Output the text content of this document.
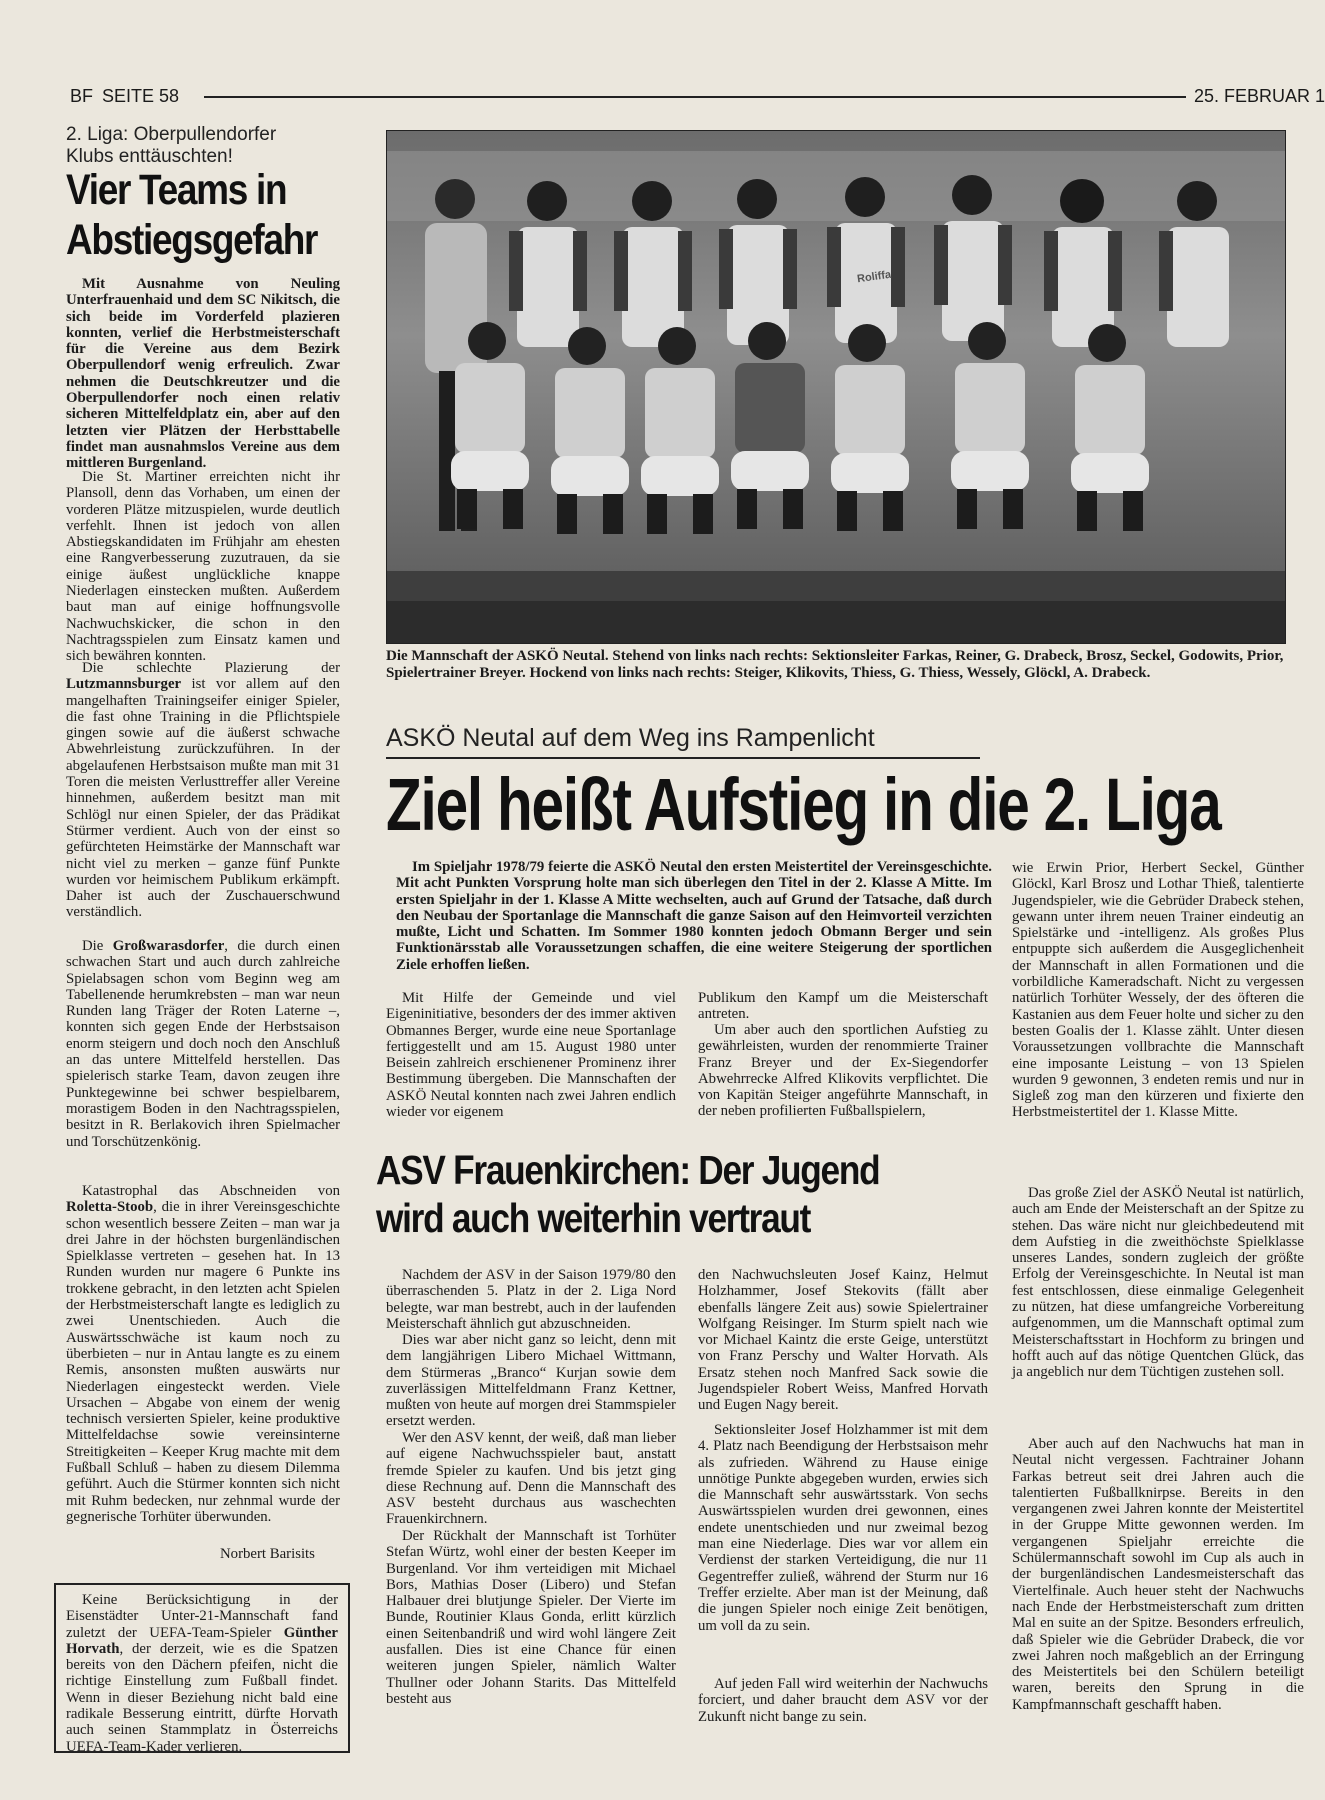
BF SEITE 58	25. FEBRUAR 1
2. Liga: Oberpullendorfer
Klubs enttäuschten!
Vier Teams in
Abstiegsgefahr

Mit Ausnahme von Neuling Unterfrauenhaid und dem SC Nikitsch, die sich beide im Vorderfeld plazieren konnten, verlief die Herbstmeisterschaft für die Vereine aus dem Bezirk Oberpullendorf wenig erfreulich. Zwar nehmen die Deutschkreutzer und die Oberpullendorfer noch einen relativ sicheren Mittelfeldplatz ein, aber auf den letzten vier Plätzen der Herbsttabelle findet man ausnahmslos Vereine aus dem mittleren Burgenland.

Die St. Martiner erreichten nicht ihr Plansoll, denn das Vorhaben, um einen der vorderen Plätze mitzuspielen, wurde deutlich verfehlt. Ihnen ist jedoch von allen Abstiegskandidaten im Frühjahr am ehesten eine Rangverbesserung zuzutrauen, da sie einige äußest unglückliche knappe Niederlagen einstecken mußten. Außerdem baut man auf einige hoffnungsvolle Nachwuchskicker, die schon in den Nachtragsspielen zum Einsatz kamen und sich bewähren konnten.

Die schlechte Plazierung der Lutzmannsburger ist vor allem auf den mangelhaften Trainingseifer einiger Spieler, die fast ohne Training in die Pflichtspiele gingen sowie auf die äußerst schwache Abwehrleistung zurückzuführen. In der abgelaufenen Herbstsaison mußte man mit 31 Toren die meisten Verlusttreffer aller Vereine hinnehmen, außerdem besitzt man mit Schlögl nur einen Spieler, der das Prädikat Stürmer verdient. Auch von der einst so gefürchteten Heimstärke der Mannschaft war nicht viel zu merken – ganze fünf Punkte wurden vor heimischem Publikum erkämpft. Daher ist auch der Zuschauerschwund verständlich.

Die Großwarasdorfer, die durch einen schwachen Start und auch durch zahlreiche Spielabsagen schon vom Beginn weg am Tabellenende herumkrebsten – man war neun Runden lang Träger der Roten Laterne –, konnten sich gegen Ende der Herbstsaison enorm steigern und doch noch den Anschluß an das untere Mittelfeld herstellen. Das spielerisch starke Team, davon zeugen ihre Punktegewinne bei schwer bespielbarem, morastigem Boden in den Nachtragsspielen, besitzt in R. Berlakovich ihren Spielmacher und Torschützenkönig.

Katastrophal das Abschneiden von Roletta-Stoob, die in ihrer Vereinsgeschichte schon wesentlich bessere Zeiten – man war ja drei Jahre in der höchsten burgenländischen Spielklasse vertreten – gesehen hat. In 13 Runden wurden nur magere 6 Punkte ins trokkene gebracht, in den letzten acht Spielen der Herbstmeisterschaft langte es lediglich zu zwei Unentschieden. Auch die Auswärtsschwäche ist kaum noch zu überbieten – nur in Antau langte es zu einem Remis, ansonsten mußten auswärts nur Niederlagen eingesteckt werden. Viele Ursachen – Abgabe von einem der wenig technisch versierten Spieler, keine produktive Mittelfeldachse sowie vereinsinterne Streitigkeiten – Keeper Krug machte mit dem Fußball Schluß – haben zu diesem Dilemma geführt. Auch die Stürmer konnten sich nicht mit Ruhm bedecken, nur zehnmal wurde der gegnerische Torhüter überwunden.

Norbert Barisits

Keine Berücksichtigung in der Eisenstädter Unter-21-Mannschaft fand zuletzt der UEFA-Team-Spieler Günther Horvath, der derzeit, wie es die Spatzen bereits von den Dächern pfeifen, nicht die richtige Einstellung zum Fußball findet. Wenn in dieser Beziehung nicht bald eine radikale Besserung eintritt, dürfte Horvath auch seinen Stammplatz in Österreichs UEFA-Team-Kader verlieren.

Roliffa

Die Mannschaft der ASKÖ Neutal. Stehend von links nach rechts: Sektionsleiter Farkas, Reiner, G. Drabeck, Brosz, Seckel, Godowits, Prior, Spielertrainer Breyer. Hockend von links nach rechts: Steiger, Klikovits, Thiess, G. Thiess, Wessely, Glöckl, A. Drabeck.

ASKÖ Neutal auf dem Weg ins Rampenlicht
Ziel heißt Aufstieg in die 2. Liga

Im Spieljahr 1978/79 feierte die ASKÖ Neutal den ersten Meistertitel der Vereinsgeschichte. Mit acht Punkten Vorsprung holte man sich überlegen den Titel in der 2. Klasse A Mitte. Im ersten Spieljahr in der 1. Klasse A Mitte wechselten, auch auf Grund der Tatsache, daß durch den Neubau der Sportanlage die Mannschaft die ganze Saison auf den Heimvorteil verzichten mußte, Licht und Schatten. Im Sommer 1980 konnten jedoch Obmann Berger und sein Funktionärsstab alle Voraussetzungen schaffen, die eine weitere Steigerung der sportlichen Ziele erhoffen ließen.

Mit Hilfe der Gemeinde und viel Eigeninitiative, besonders der des immer aktiven Obmannes Berger, wurde eine neue Sportanlage fertiggestellt und am 15. August 1980 unter Beisein zahlreich erschienener Prominenz ihrer Bestimmung übergeben. Die Mannschaften der ASKÖ Neutal konnten nach zwei Jahren endlich wieder vor eigenem

Publikum den Kampf um die Meisterschaft antreten.

Um aber auch den sportlichen Aufstieg zu gewährleisten, wurden der renommierte Trainer Franz Breyer und der Ex-Siegendorfer Abwehrrecke Alfred Klikovits verpflichtet. Die von Kapitän Steiger angeführte Mannschaft, in der neben profilierten Fußballspielern,

wie Erwin Prior, Herbert Seckel, Günther Glöckl, Karl Brosz und Lothar Thieß, talentierte Jugendspieler, wie die Gebrüder Drabeck stehen, gewann unter ihrem neuen Trainer eindeutig an Spielstärke und -intelligenz. Als großes Plus entpuppte sich außerdem die Ausgeglichenheit der Mannschaft in allen Formationen und die vorbildliche Kameradschaft. Nicht zu vergessen natürlich Torhüter Wessely, der des öfteren die Kastanien aus dem Feuer holte und sicher zu den besten Goalis der 1. Klasse zählt. Unter diesen Voraussetzungen vollbrachte die Mannschaft eine imposante Leistung – von 13 Spielen wurden 9 gewonnen, 3 endeten remis und nur in Sigleß zog man den kürzeren und fixierte den Herbstmeistertitel der 1. Klasse Mitte.

Das große Ziel der ASKÖ Neutal ist natürlich, auch am Ende der Meisterschaft an der Spitze zu stehen. Das wäre nicht nur gleichbedeutend mit dem Aufstieg in die zweithöchste Spielklasse unseres Landes, sondern zugleich der größte Erfolg der Vereinsgeschichte. In Neutal ist man fest entschlossen, diese einmalige Gelegenheit zu nützen, hat diese umfangreiche Vorbereitung aufgenommen, um die Mannschaft optimal zum Meisterschaftsstart in Hochform zu bringen und hofft auch auf das nötige Quentchen Glück, das ja angeblich nur dem Tüchtigen zustehen soll.

Aber auch auf den Nachwuchs hat man in Neutal nicht vergessen. Fachtrainer Johann Farkas betreut seit drei Jahren auch die talentierten Fußballknirpse. Bereits in den vergangenen zwei Jahren konnte der Meistertitel in der Gruppe Mitte gewonnen werden. Im vergangenen Spieljahr erreichte die Schülermannschaft sowohl im Cup als auch in der burgenländischen Landesmeisterschaft das Viertelfinale. Auch heuer steht der Nachwuchs nach Ende der Herbstmeisterschaft zum dritten Mal en suite an der Spitze. Besonders erfreulich, daß Spieler wie die Gebrüder Drabeck, die vor zwei Jahren noch maßgeblich an der Erringung des Meistertitels bei den Schülern beteiligt waren, bereits den Sprung in die Kampfmannschaft geschafft haben.

ASV Frauenkirchen: Der Jugend
wird auch weiterhin vertraut

Nachdem der ASV in der Saison 1979/80 den überraschenden 5. Platz in der 2. Liga Nord belegte, war man bestrebt, auch in der laufenden Meisterschaft ähnlich gut abzuschneiden.

Dies war aber nicht ganz so leicht, denn mit dem langjährigen Libero Michael Wittmann, dem Stürmeras „Branco“ Kurjan sowie dem zuverlässigen Mittelfeldmann Franz Kettner, mußten von heute auf morgen drei Stammspieler ersetzt werden.

Wer den ASV kennt, der weiß, daß man lieber auf eigene Nachwuchsspieler baut, anstatt fremde Spieler zu kaufen. Und bis jetzt ging diese Rechnung auf. Denn die Mannschaft des ASV besteht durchaus aus waschechten Frauenkirchnern.

Der Rückhalt der Mannschaft ist Torhüter Stefan Würtz, wohl einer der besten Keeper im Burgenland. Vor ihm verteidigen mit Michael Bors, Mathias Doser (Libero) und Stefan Halbauer drei blutjunge Spieler. Der Vierte im Bunde, Routinier Klaus Gonda, erlitt kürzlich einen Seitenbandriß und wird wohl längere Zeit ausfallen. Dies ist eine Chance für einen weiteren jungen Spieler, nämlich Walter Thullner oder Johann Starits. Das Mittelfeld besteht aus

den Nachwuchsleuten Josef Kainz, Helmut Holzhammer, Josef Stekovits (fällt aber ebenfalls längere Zeit aus) sowie Spielertrainer Wolfgang Reisinger. Im Sturm spielt nach wie vor Michael Kaintz die erste Geige, unterstützt von Franz Perschy und Walter Horvath. Als Ersatz stehen noch Manfred Sack sowie die Jugendspieler Robert Weiss, Manfred Horvath und Eugen Nagy bereit.

Sektionsleiter Josef Holzhammer ist mit dem 4. Platz nach Beendigung der Herbstsaison mehr als zufrieden. Während zu Hause einige unnötige Punkte abgegeben wurden, erwies sich die Mannschaft sehr auswärtsstark. Von sechs Auswärtsspielen wurden drei gewonnen, eines endete unentschieden und nur zweimal bezog man eine Niederlage. Dies war vor allem ein Verdienst der starken Verteidigung, die nur 11 Gegentreffer zuließ, während der Sturm nur 16 Treffer erzielte. Aber man ist der Meinung, daß die jungen Spieler noch einige Zeit benötigen, um voll da zu sein.

Auf jeden Fall wird weiterhin der Nachwuchs forciert, und daher braucht dem ASV vor der Zukunft nicht bange zu sein.
